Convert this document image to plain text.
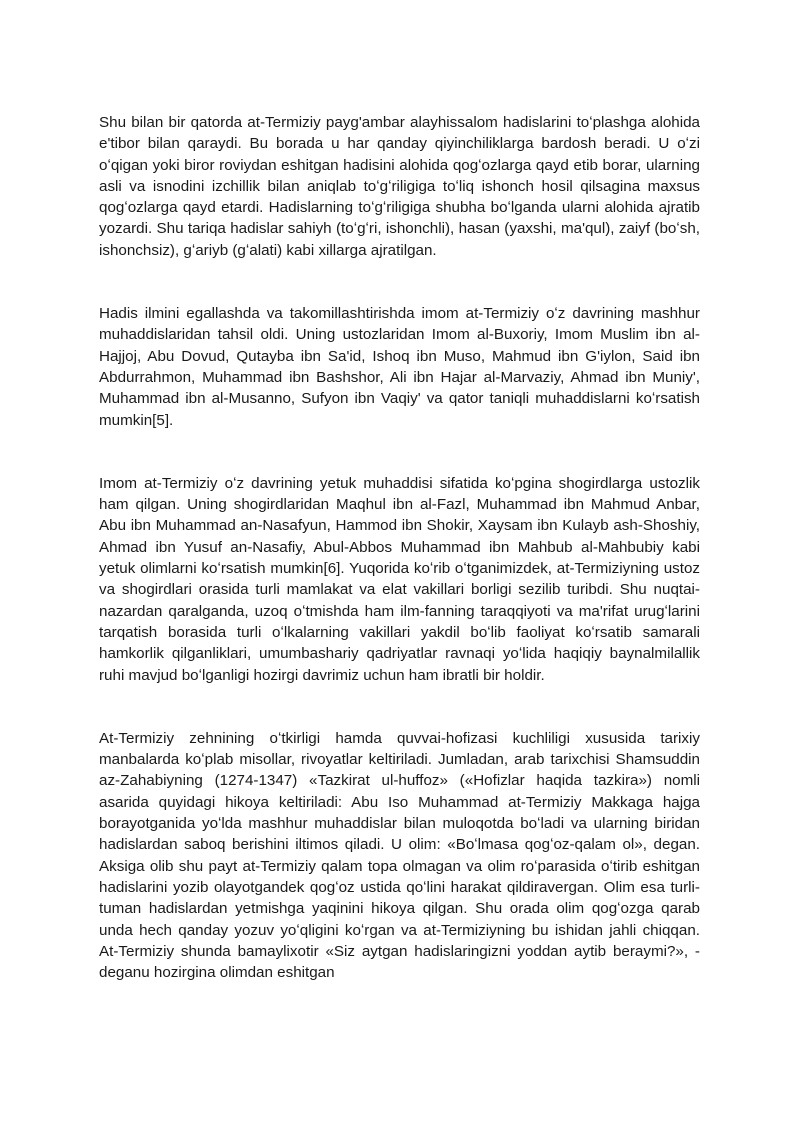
Shu bilan bir qatorda at-Termiziy payg'ambar alayhissalom hadislarini toʻplashga alohida e'tibor bilan qaraydi. Bu borada u har qanday qiyinchiliklarga bardosh beradi. U oʻzi oʻqigan yoki biror roviydan eshitgan hadisini alohida qogʻozlarga qayd etib borar, ularning asli va isnodini izchillik bilan aniqlab toʻgʻriligiga toʻliq ishonch hosil qilsagina maxsus qogʻozlarga qayd etardi. Hadislarning toʻgʻriligiga shubha boʻlganda ularni alohida ajratib yozardi. Shu tariqa hadislar sahiyh (toʻgʻri, ishonchli), hasan (yaxshi, ma'qul), zaiyf (boʻsh, ishonchsiz), gʻariyb (gʻalati) kabi xillarga ajratilgan.

Hadis ilmini egallashda va takomillashtirishda imom at-Termiziy oʻz davrining mashhur muhaddislaridan tahsil oldi. Uning ustozlaridan Imom al-Buxoriy, Imom Muslim ibn al-Hajjoj, Abu Dovud, Qutayba ibn Sa'id, Ishoq ibn Muso, Mahmud ibn G'iylon, Said ibn Abdurrahmon, Muhammad ibn Bashshor, Ali ibn Hajar al-Marvaziy, Ahmad ibn Muniy', Muhammad ibn al-Musanno, Sufyon ibn Vaqiy' va qator taniqli muhaddislarni koʻrsatish mumkin[5].

Imom at-Termiziy oʻz davrining yetuk muhaddisi sifatida koʻpgina shogirdlarga ustozlik ham qilgan. Uning shogirdlaridan Maqhul ibn al-Fazl, Muhammad ibn Mahmud Anbar, Abu ibn Muhammad an-Nasafyun, Hammod ibn Shokir, Xaysam ibn Kulayb ash-Shoshiy, Ahmad ibn Yusuf an-Nasafiy, Abul-Abbos Muhammad ibn Mahbub al-Mahbubiy kabi yetuk olimlarni koʻrsatish mumkin[6]. Yuqorida koʻrib oʻtganimizdek, at-Termiziyning ustoz va shogirdlari orasida turli mamlakat va elat vakillari borligi sezilib turibdi. Shu nuqtai-nazardan qaralganda, uzoq oʻtmishda ham ilm-fanning taraqqiyoti va ma'rifat urugʻlarini tarqatish borasida turli oʻlkalarning vakillari yakdil boʻlib faoliyat koʻrsatib samarali hamkorlik qilganliklari, umumbashariy qadriyatlar ravnaqi yoʻlida haqiqiy baynalmilallik ruhi mavjud boʻlganligi hozirgi davrimiz uchun ham ibratli bir holdir.

At-Termiziy zehnining oʻtkirligi hamda quvvai-hofizasi kuchliligi xususida tarixiy manbalarda koʻplab misollar, rivoyatlar keltiriladi. Jumladan, arab tarixchisi Shamsuddin az-Zahabiyning (1274-1347) «Tazkirat ul-huffoz» («Hofizlar haqida tazkira») nomli asarida quyidagi hikoya keltiriladi: Abu Iso Muhammad at-Termiziy Makkaga hajga borayotganida yoʻlda mashhur muhaddislar bilan muloqotda boʻladi va ularning biridan hadislardan saboq berishini iltimos qiladi. U olim: «Boʻlmasa qogʻoz-qalam ol», degan. Aksiga olib shu payt at-Termiziy qalam topa olmagan va olim roʻparasida oʻtirib eshitgan hadislarini yozib olayotgandek qogʻoz ustida qoʻlini harakat qildiravergan. Olim esa turli-tuman hadislardan yetmishga yaqinini hikoya qilgan. Shu orada olim qogʻozga qarab unda hech qanday yozuv yoʻqligini koʻrgan va at-Termiziyning bu ishidan jahli chiqqan. At-Termiziy shunda bamaylixotir «Siz aytgan hadislaringizni yoddan aytib beraymi?», - deganu hozirgina olimdan eshitgan
